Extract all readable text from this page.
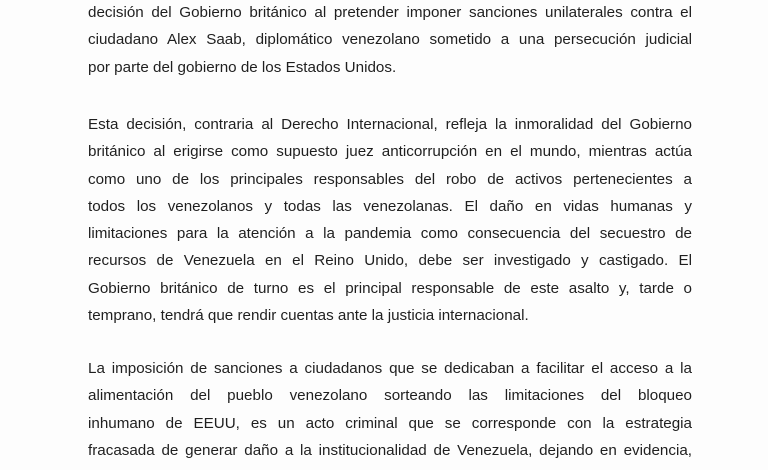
decisión del Gobierno británico al pretender imponer sanciones unilaterales contra el
ciudadano Alex Saab, diplomático venezolano sometido a una persecución judicial
por parte del gobierno de los Estados Unidos.

Esta decisión, contraria al Derecho Internacional, refleja la inmoralidad del Gobierno
británico al erigirse como supuesto juez anticorrupción en el mundo, mientras actúa
como uno de los principales responsables del robo de activos pertenecientes a
todos los venezolanos y todas las venezolanas. El daño en vidas humanas y
limitaciones para la atención a la pandemia como consecuencia del secuestro de
recursos de Venezuela en el Reino Unido, debe ser investigado y castigado. El
Gobierno británico de turno es el principal responsable de este asalto y, tarde o
temprano, tendrá que rendir cuentas ante la justicia internacional.

La imposición de sanciones a ciudadanos que se dedicaban a facilitar el acceso a la
alimentación del pueblo venezolano sorteando las limitaciones del bloqueo
inhumano de EEUU, es un acto criminal que se corresponde con la estrategia
fracasada de generar daño a la institucionalidad de Venezuela, dejando en evidencia,
